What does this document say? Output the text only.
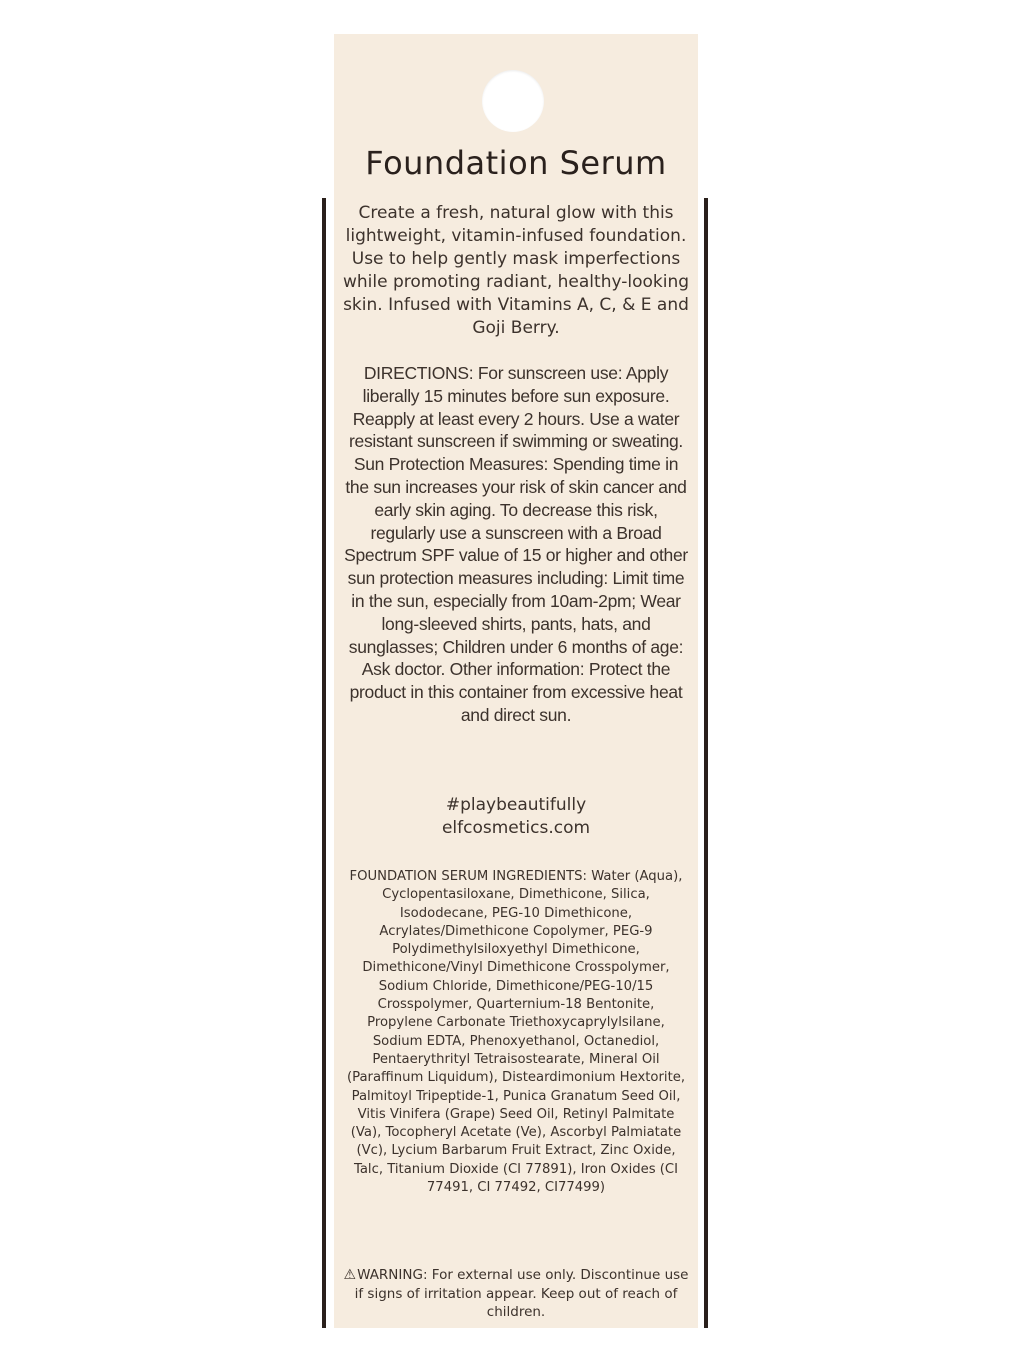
Foundation Serum
Create a fresh, natural glow with this lightweight, vitamin-infused foundation. Use to help gently mask imperfections while promoting radiant, healthy-looking skin. Infused with Vitamins A, C, & E and Goji Berry.
DIRECTIONS: For sunscreen use: Apply liberally 15 minutes before sun exposure. Reapply at least every 2 hours. Use a water resistant sunscreen if swimming or sweating. Sun Protection Measures: Spending time in the sun increases your risk of skin cancer and early skin aging. To decrease this risk, regularly use a sunscreen with a Broad Spectrum SPF value of 15 or higher and other sun protection measures including: Limit time in the sun, especially from 10am-2pm; Wear long-sleeved shirts, pants, hats, and sunglasses; Children under 6 months of age: Ask doctor. Other information: Protect the product in this container from excessive heat and direct sun.
#playbeautifully
elfcosmetics.com
FOUNDATION SERUM INGREDIENTS: Water (Aqua), Cyclopentasiloxane, Dimethicone, Silica, Isododecane, PEG-10 Dimethicone, Acrylates/Dimethicone Copolymer, PEG-9 Polydimethylsiloxyethyl Dimethicone, Dimethicone/Vinyl Dimethicone Crosspolymer, Sodium Chloride, Dimethicone/PEG-10/15 Crosspolymer, Quarternium-18 Bentonite, Propylene Carbonate Triethoxycaprylylsilane, Sodium EDTA, Phenoxyethanol, Octanediol, Pentaerythrityl Tetraisostearate, Mineral Oil (Paraffinum Liquidum), Disteardimonium Hextorite, Palmitoyl Tripeptide-1, Punica Granatum Seed Oil, Vitis Vinifera (Grape) Seed Oil, Retinyl Palmitate (Va), Tocopheryl Acetate (Ve), Ascorbyl Palmiatate (Vc), Lycium Barbarum Fruit Extract, Zinc Oxide, Talc, Titanium Dioxide (CI 77891), Iron Oxides (CI 77491, CI 77492, CI77499)
⚠WARNING: For external use only. Discontinue use if signs of irritation appear. Keep out of reach of children.
